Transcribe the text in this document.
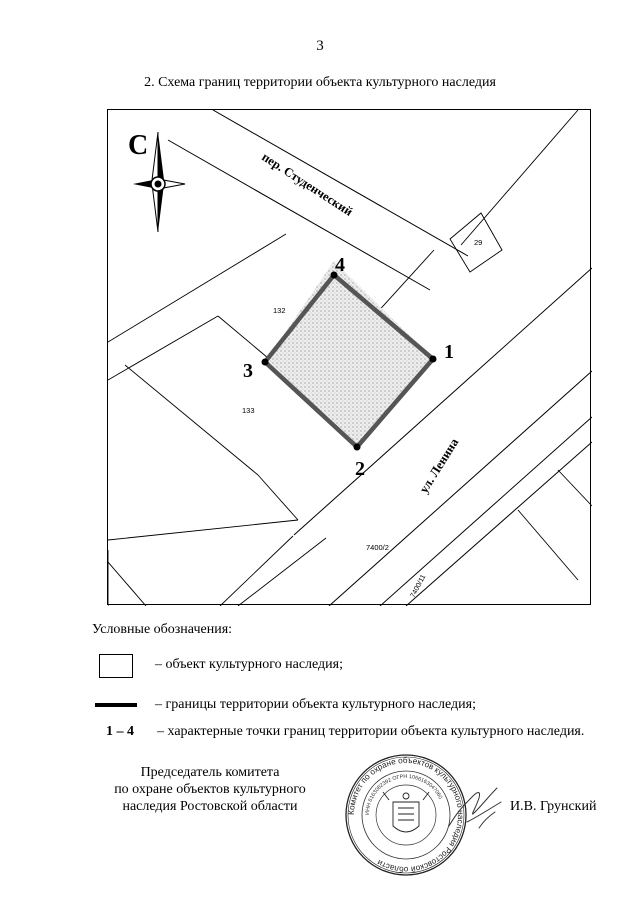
3
2. Схема границ территории объекта культурного наследия
1
2
3
4
29
132
133
7400/2
7400/11
пер. Студенческий
ул. Ленина
С
Условные обозначения:
– объект культурного наследия;
– границы территории объекта культурного наследия;
1 – 4 – характерные точки границ территории объекта культурного наследия.
Председатель комитета
по охране объектов культурного
наследия Ростовской области	Комитет по охране объектов культурного наследия Ростовской области
ИНН 6163082392 ОГРН 1066163047060
И.В. Грунский
